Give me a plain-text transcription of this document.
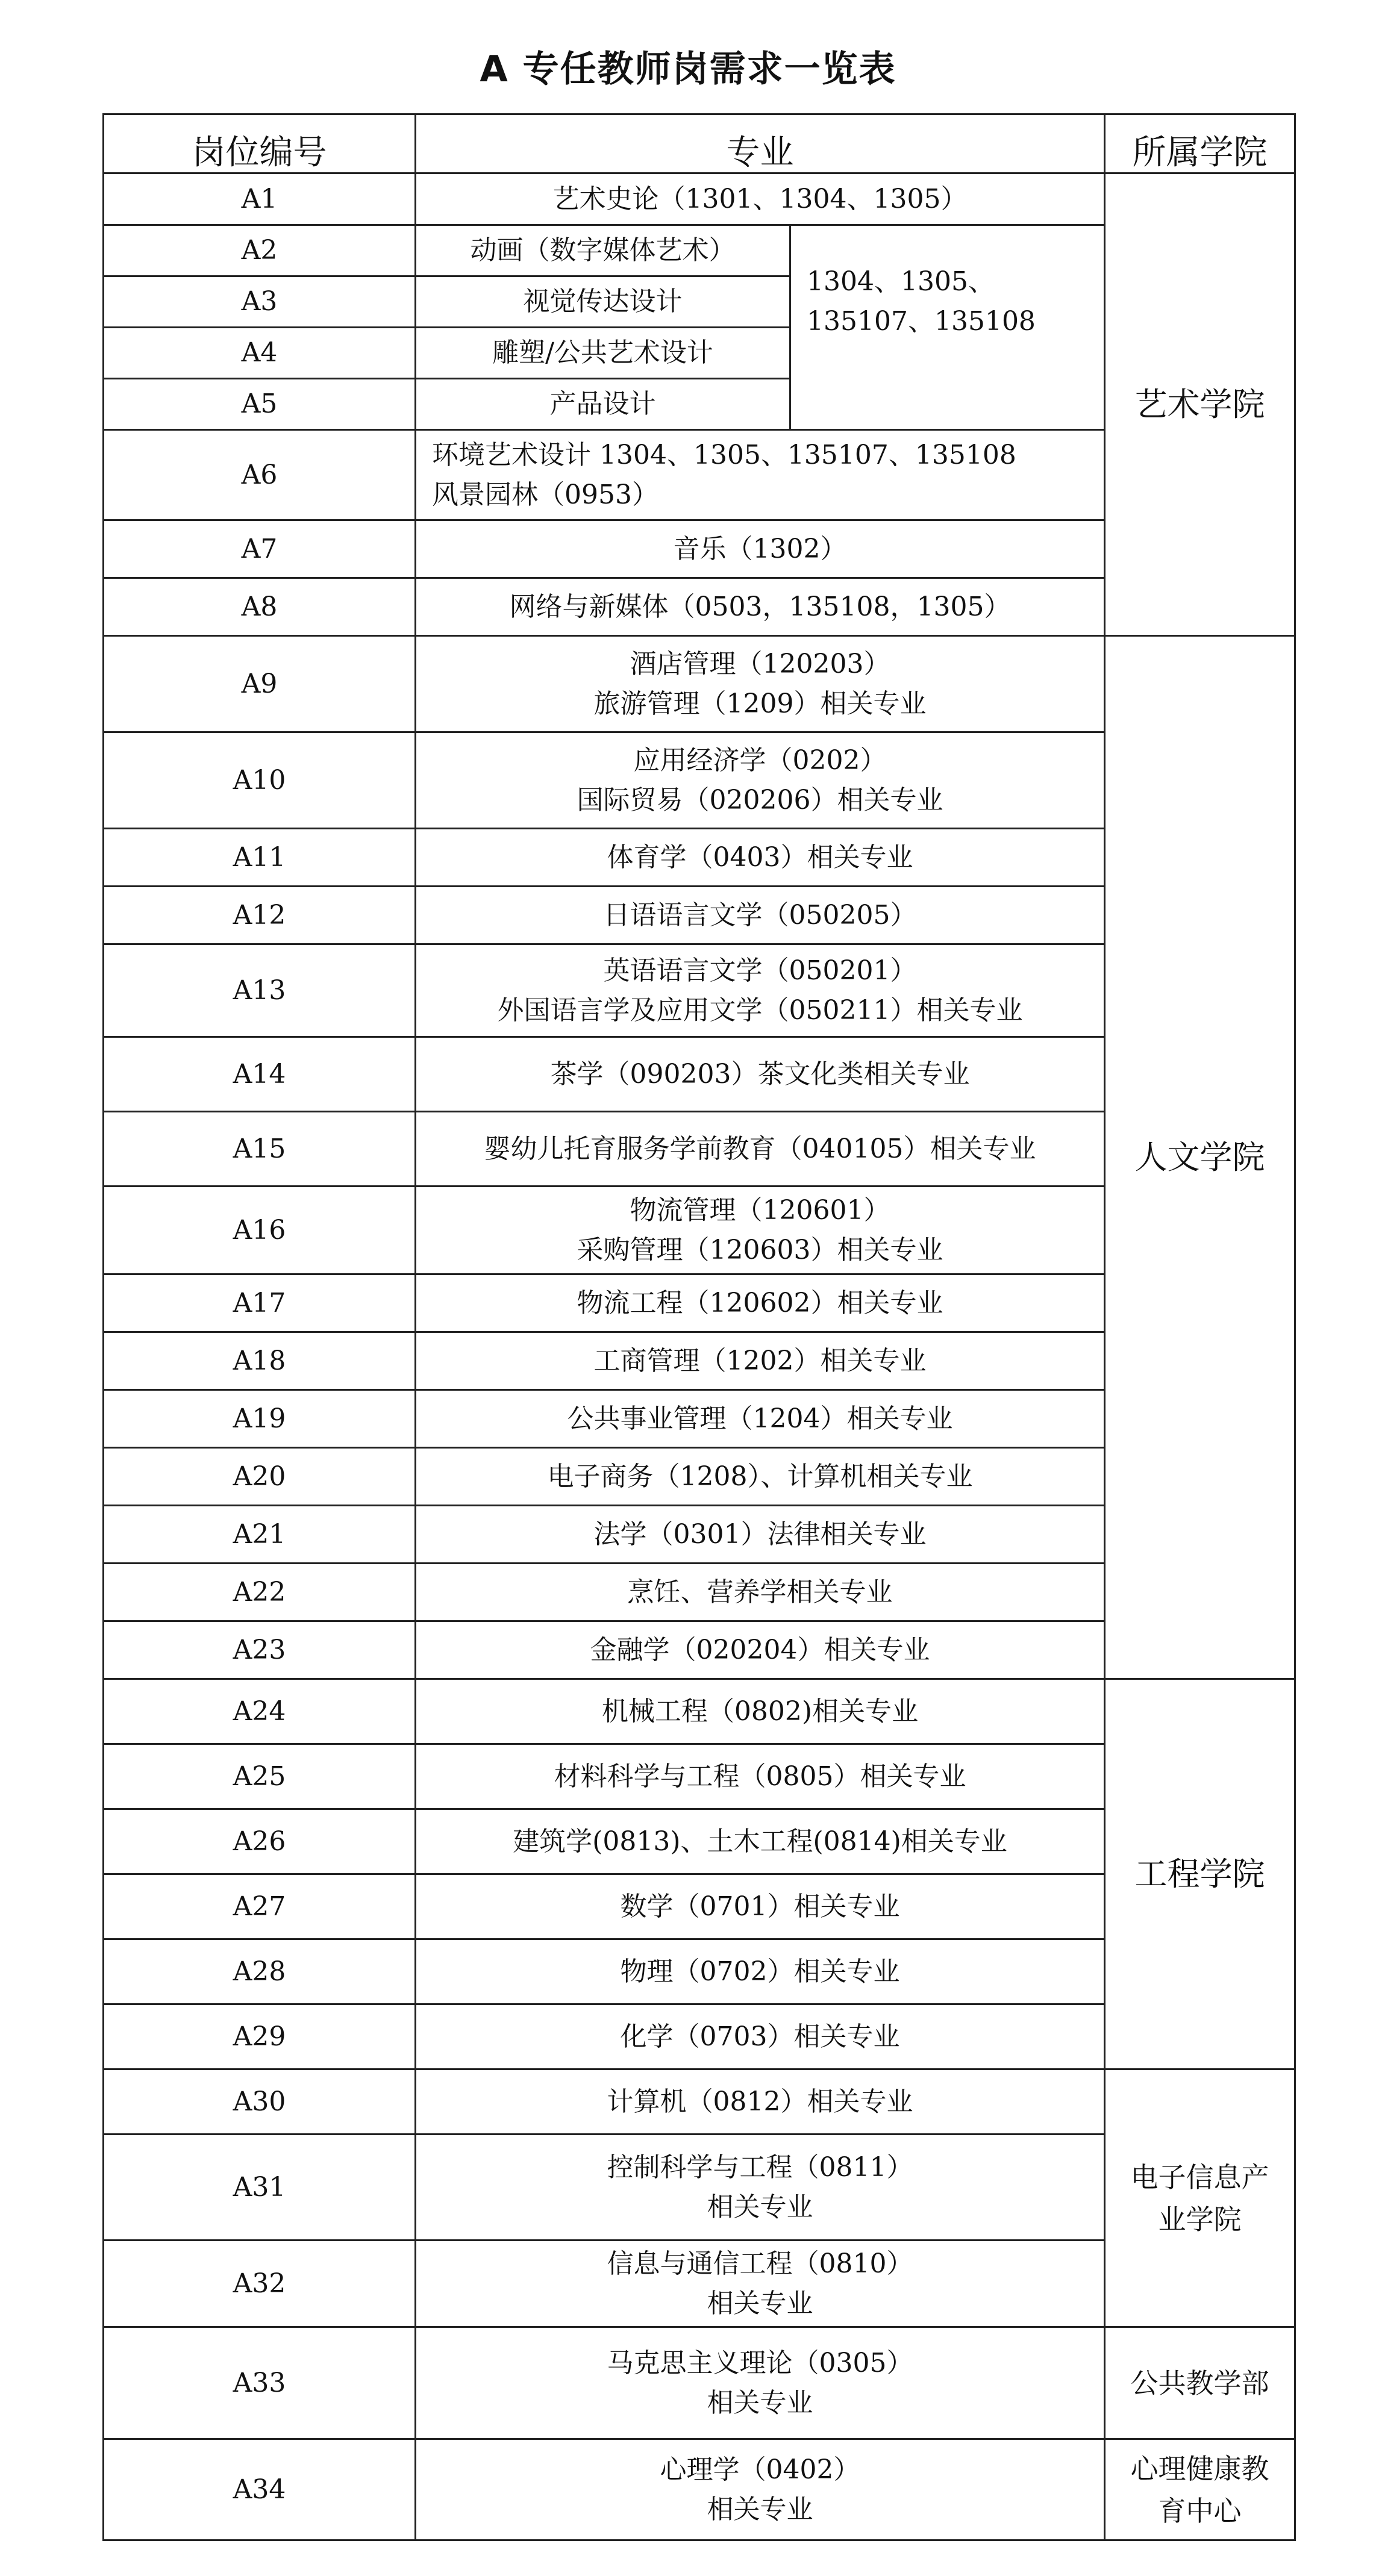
A 专任教师岗需求一览表
岗位编号	专业		所属学院
A1	艺术史论（1301、1304、1305）		艺术学院
A2	动画（数字媒体艺术）	1304、1305、
135107、135108	

A3	视觉传达设计		

A4	雕塑/公共艺术设计		

A5	产品设计		

A6	环境艺术设计 1304、1305、135107、135108
风景园林（0953）		

A7	音乐（1302）		

A8	网络与新媒体（0503，135108，1305）		

A9	酒店管理（120203）
旅游管理（1209）相关专业		人文学院
A10	应用经济学（0202）
国际贸易（020206）相关专业		

A11	体育学（0403）相关专业		

A12	日语语言文学（050205）		

A13	英语语言文学（050201）
外国语言学及应用文学（050211）相关专业		

A14	茶学（090203）茶文化类相关专业		

A15	婴幼儿托育服务学前教育（040105）相关专业		

A16	物流管理（120601）
采购管理（120603）相关专业		

A17	物流工程（120602）相关专业		

A18	工商管理（1202）相关专业		

A19	公共事业管理（1204）相关专业		

A20	电子商务（1208）、计算机相关专业		

A21	法学（0301）法律相关专业		

A22	烹饪、营养学相关专业		

A23	金融学（020204）相关专业		

A24	机械工程（0802)相关专业		工程学院
A25	材料科学与工程（0805）相关专业		

A26	建筑学(0813)、土木工程(0814)相关专业		

A27	数学（0701）相关专业		

A28	物理（0702）相关专业		

A29	化学（0703）相关专业		

A30	计算机（0812）相关专业		电子信息产
业学院

A31	控制科学与工程（0811）
相关专业		

A32	信息与通信工程（0810）
相关专业		

A33	马克思主义理论（0305）
相关专业		公共教学部
A34	心理学（0402）
相关专业		心理健康教
育中心
